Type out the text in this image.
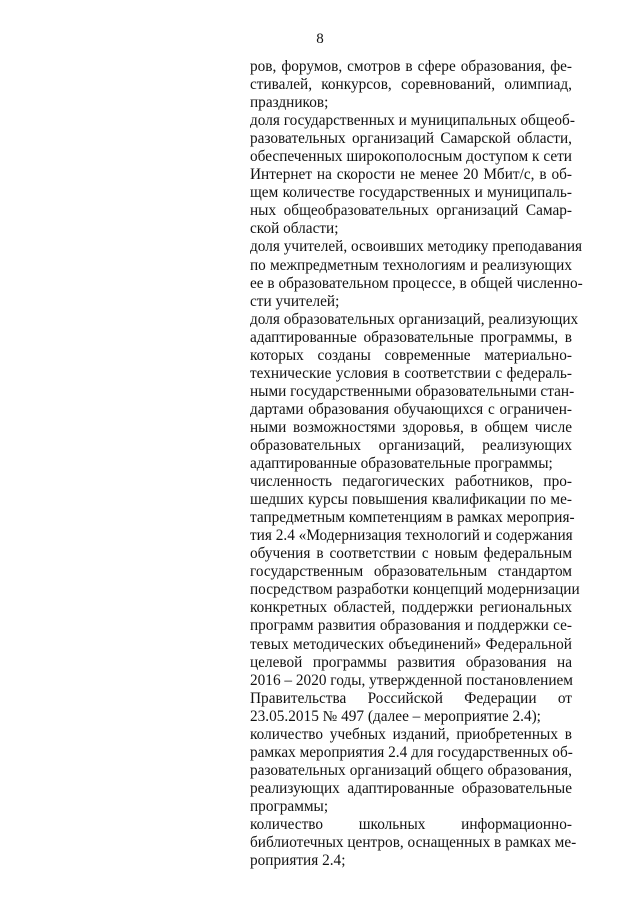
8
ров, форумов, смотров в сфере образования, фе-
стивалей, конкурсов, соревнований, олимпиад,
праздников;
доля государственных и муниципальных общеоб-
разовательных организаций Самарской области,
обеспеченных широкополосным доступом к сети
Интернет на скорости не менее 20 Мбит/с, в об-
щем количестве государственных и муниципаль-
ных общеобразовательных организаций Самар-
ской области;
доля учителей, освоивших методику преподавания
по межпредметным технологиям и реализующих
ее в образовательном процессе, в общей численно-
сти учителей;
доля образовательных организаций, реализующих
адаптированные образовательные программы, в
которых созданы современные материально-
технические условия в соответствии с федераль-
ными государственными образовательными стан-
дартами образования обучающихся с ограничен-
ными возможностями здоровья, в общем числе
образовательных организаций, реализующих
адаптированные образовательные программы;
численность педагогических работников, про-
шедших курсы повышения квалификации по ме-
тапредметным компетенциям в рамках мероприя-
тия 2.4 «Модернизация технологий и содержания
обучения в соответствии с новым федеральным
государственным образовательным стандартом
посредством разработки концепций модернизации
конкретных областей, поддержки региональных
программ развития образования и поддержки се-
тевых методических объединений» Федеральной
целевой программы развития образования на
2016 – 2020 годы, утвержденной постановлением
Правительства Российской Федерации от
23.05.2015 № 497 (далее – мероприятие 2.4);
количество учебных изданий, приобретенных в
рамках мероприятия 2.4 для государственных об-
разовательных организаций общего образования,
реализующих адаптированные образовательные
программы;
количество школьных информационно-
библиотечных центров, оснащенных в рамках ме-
роприятия 2.4;
